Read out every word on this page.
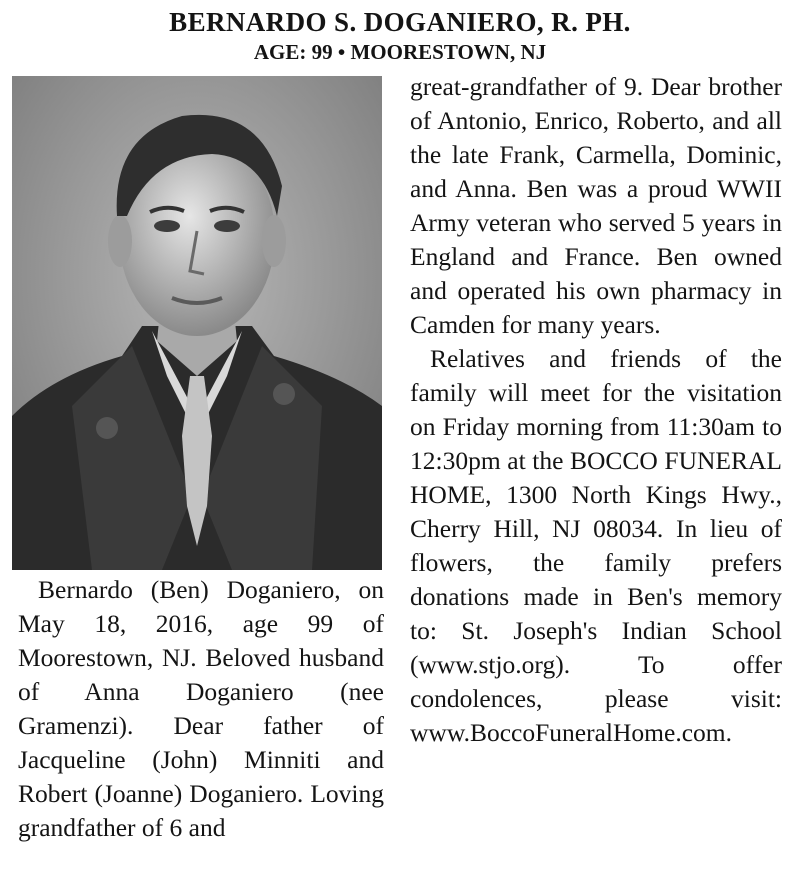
BERNARDO S. DOGANIERO, R. PH.
AGE: 99 • MOORESTOWN, NJ

Bernardo (Ben) Doganiero, on May 18, 2016, age 99 of Moorestown, NJ. Beloved husband of Anna Doganiero (nee Gramenzi). Dear father of Jacqueline (John) Minniti and Robert (Joanne) Doganiero. Loving grandfather of 6 and

great-grandfather of 9. Dear brother of Antonio, Enrico, Roberto, and all the late Frank, Carmella, Dominic, and Anna. Ben was a proud WWII Army veteran who served 5 years in England and France. Ben owned and operated his own pharmacy in Camden for many years.

Relatives and friends of the family will meet for the visitation on Friday morning from 11:30am to 12:30pm at the BOCCO FUNERAL HOME, 1300 North Kings Hwy., Cherry Hill, NJ 08034. In lieu of flowers, the family prefers donations made in Ben's memory to: St. Joseph's Indian School (www.stjo.org). To offer condolences, please visit: www.BoccoFuneralHome.com.
